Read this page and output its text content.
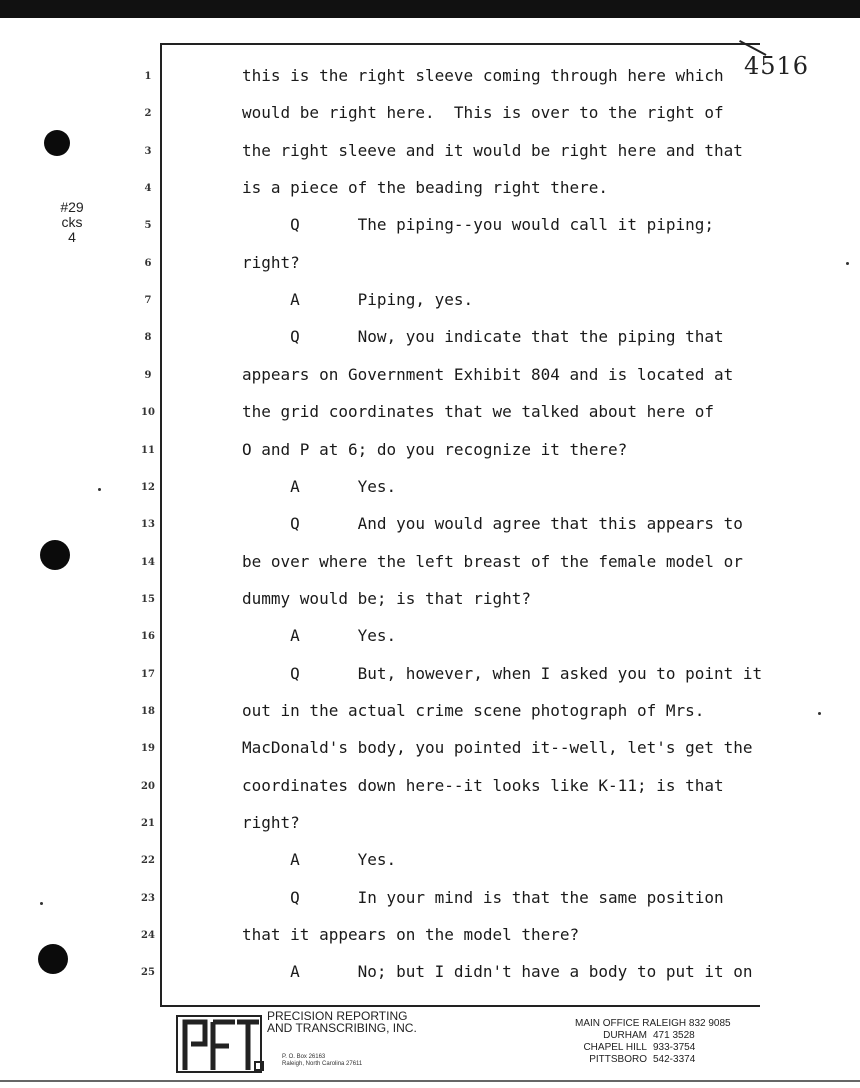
4516
#29
cks
4
1	this is the right sleeve coming through here which
2	would be right here.  This is over to the right of
3	the right sleeve and it would be right here and that
4	is a piece of the beading right there.
5	Q      The piping--you would call it piping;
6	right?
7	A      Piping, yes.
8	Q      Now, you indicate that the piping that
9	appears on Government Exhibit 804 and is located at
10	the grid coordinates that we talked about here of
11	O and P at 6; do you recognize it there?
12	A      Yes.
13	Q      And you would agree that this appears to
14	be over where the left breast of the female model or
15	dummy would be; is that right?
16	A      Yes.
17	Q      But, however, when I asked you to point it
18	out in the actual crime scene photograph of Mrs.
19	MacDonald's body, you pointed it--well, let's get the
20	coordinates down here--it looks like K-11; is that
21	right?
22	A      Yes.
23	Q      In your mind is that the same position
24	that it appears on the model there?
25	A      No; but I didn't have a body to put it on
PRECISION REPORTING
AND TRANSCRIBING, INC.
P. O. Box 26163
Raleigh, North Carolina 27611
MAIN OFFICE RALEIGH 832 9085
DURHAM 471 3528
CHAPEL HILL 933-3754
PITTSBORO 542-3374
